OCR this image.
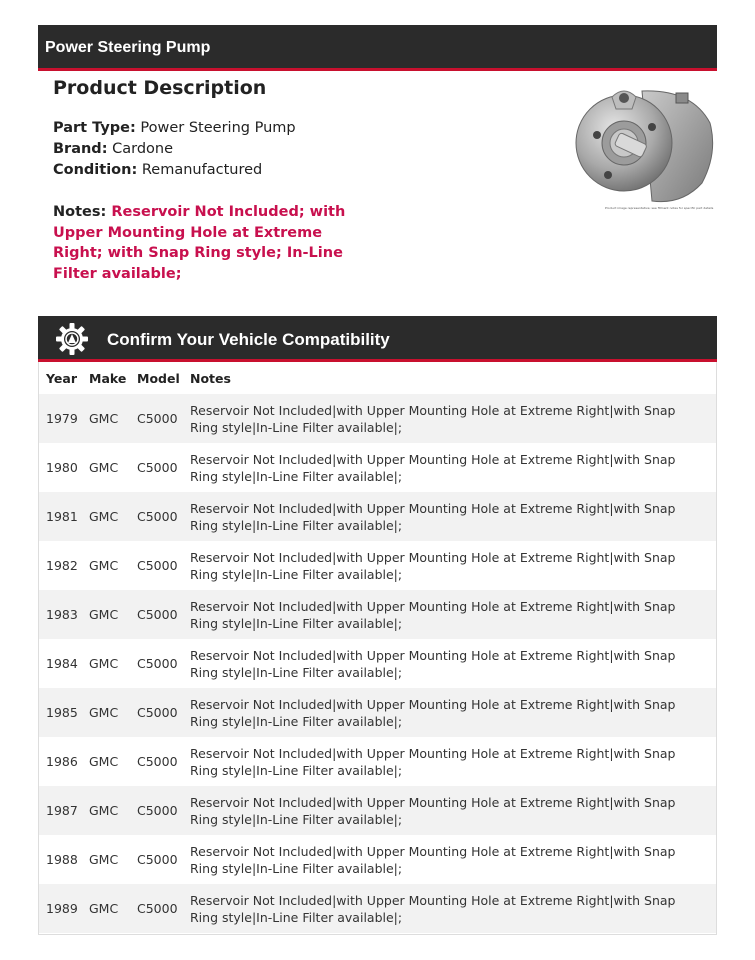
Power Steering Pump
Product Description
Part Type: Power Steering Pump
Brand: Cardone
Condition: Remanufactured
Notes: Reservoir Not Included; with Upper Mounting Hole at Extreme Right; with Snap Ring style; In-Line Filter available;
Product image representative; see fitment notes for specific part details
Confirm Your Vehicle Compatibility
Year	Make	Model	Notes
1979	GMC	C5000	Reservoir Not Included|with Upper Mounting Hole at Extreme Right|with Snap Ring style|In-Line Filter available|;
1980	GMC	C5000	Reservoir Not Included|with Upper Mounting Hole at Extreme Right|with Snap Ring style|In-Line Filter available|;
1981	GMC	C5000	Reservoir Not Included|with Upper Mounting Hole at Extreme Right|with Snap Ring style|In-Line Filter available|;
1982	GMC	C5000	Reservoir Not Included|with Upper Mounting Hole at Extreme Right|with Snap Ring style|In-Line Filter available|;
1983	GMC	C5000	Reservoir Not Included|with Upper Mounting Hole at Extreme Right|with Snap Ring style|In-Line Filter available|;
1984	GMC	C5000	Reservoir Not Included|with Upper Mounting Hole at Extreme Right|with Snap Ring style|In-Line Filter available|;
1985	GMC	C5000	Reservoir Not Included|with Upper Mounting Hole at Extreme Right|with Snap Ring style|In-Line Filter available|;
1986	GMC	C5000	Reservoir Not Included|with Upper Mounting Hole at Extreme Right|with Snap Ring style|In-Line Filter available|;
1987	GMC	C5000	Reservoir Not Included|with Upper Mounting Hole at Extreme Right|with Snap Ring style|In-Line Filter available|;
1988	GMC	C5000	Reservoir Not Included|with Upper Mounting Hole at Extreme Right|with Snap Ring style|In-Line Filter available|;
1989	GMC	C5000	Reservoir Not Included|with Upper Mounting Hole at Extreme Right|with Snap Ring style|In-Line Filter available|;
